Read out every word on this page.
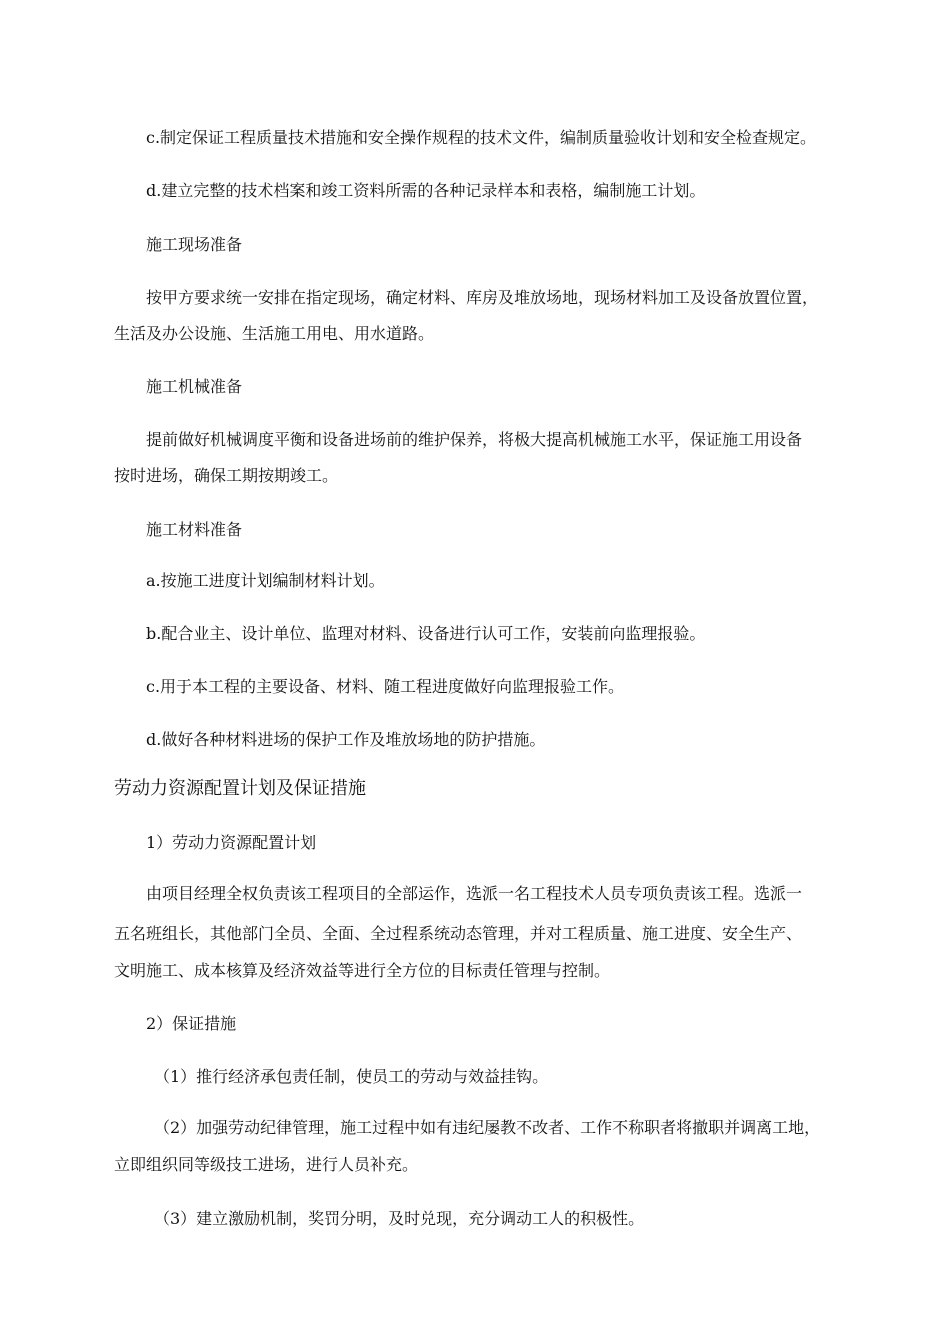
c.制定保证工程质量技术措施和安全操作规程的技术文件，编制质量验收计划和安全检查规定。
d.建立完整的技术档案和竣工资料所需的各种记录样本和表格，编制施工计划。
施工现场准备
按甲方要求统一安排在指定现场，确定材料、库房及堆放场地，现场材料加工及设备放置位置，
生活及办公设施、生活施工用电、用水道路。
施工机械准备
提前做好机械调度平衡和设备进场前的维护保养，将极大提高机械施工水平，保证施工用设备
按时进场，确保工期按期竣工。
施工材料准备
a.按施工进度计划编制材料计划。
b.配合业主、设计单位、监理对材料、设备进行认可工作，安装前向监理报验。
c.用于本工程的主要设备、材料、随工程进度做好向监理报验工作。
d.做好各种材料进场的保护工作及堆放场地的防护措施。
劳动力资源配置计划及保证措施
1）劳动力资源配置计划
由项目经理全权负责该工程项目的全部运作，选派一名工程技术人员专项负责该工程。选派一
五名班组长，其他部门全员、全面、全过程系统动态管理，并对工程质量、施工进度、安全生产、
文明施工、成本核算及经济效益等进行全方位的目标责任管理与控制。
2）保证措施
（1）推行经济承包责任制，使员工的劳动与效益挂钩。
（2）加强劳动纪律管理，施工过程中如有违纪屡教不改者、工作不称职者将撤职并调离工地，
立即组织同等级技工进场，进行人员补充。
（3）建立激励机制，奖罚分明，及时兑现，充分调动工人的积极性。
